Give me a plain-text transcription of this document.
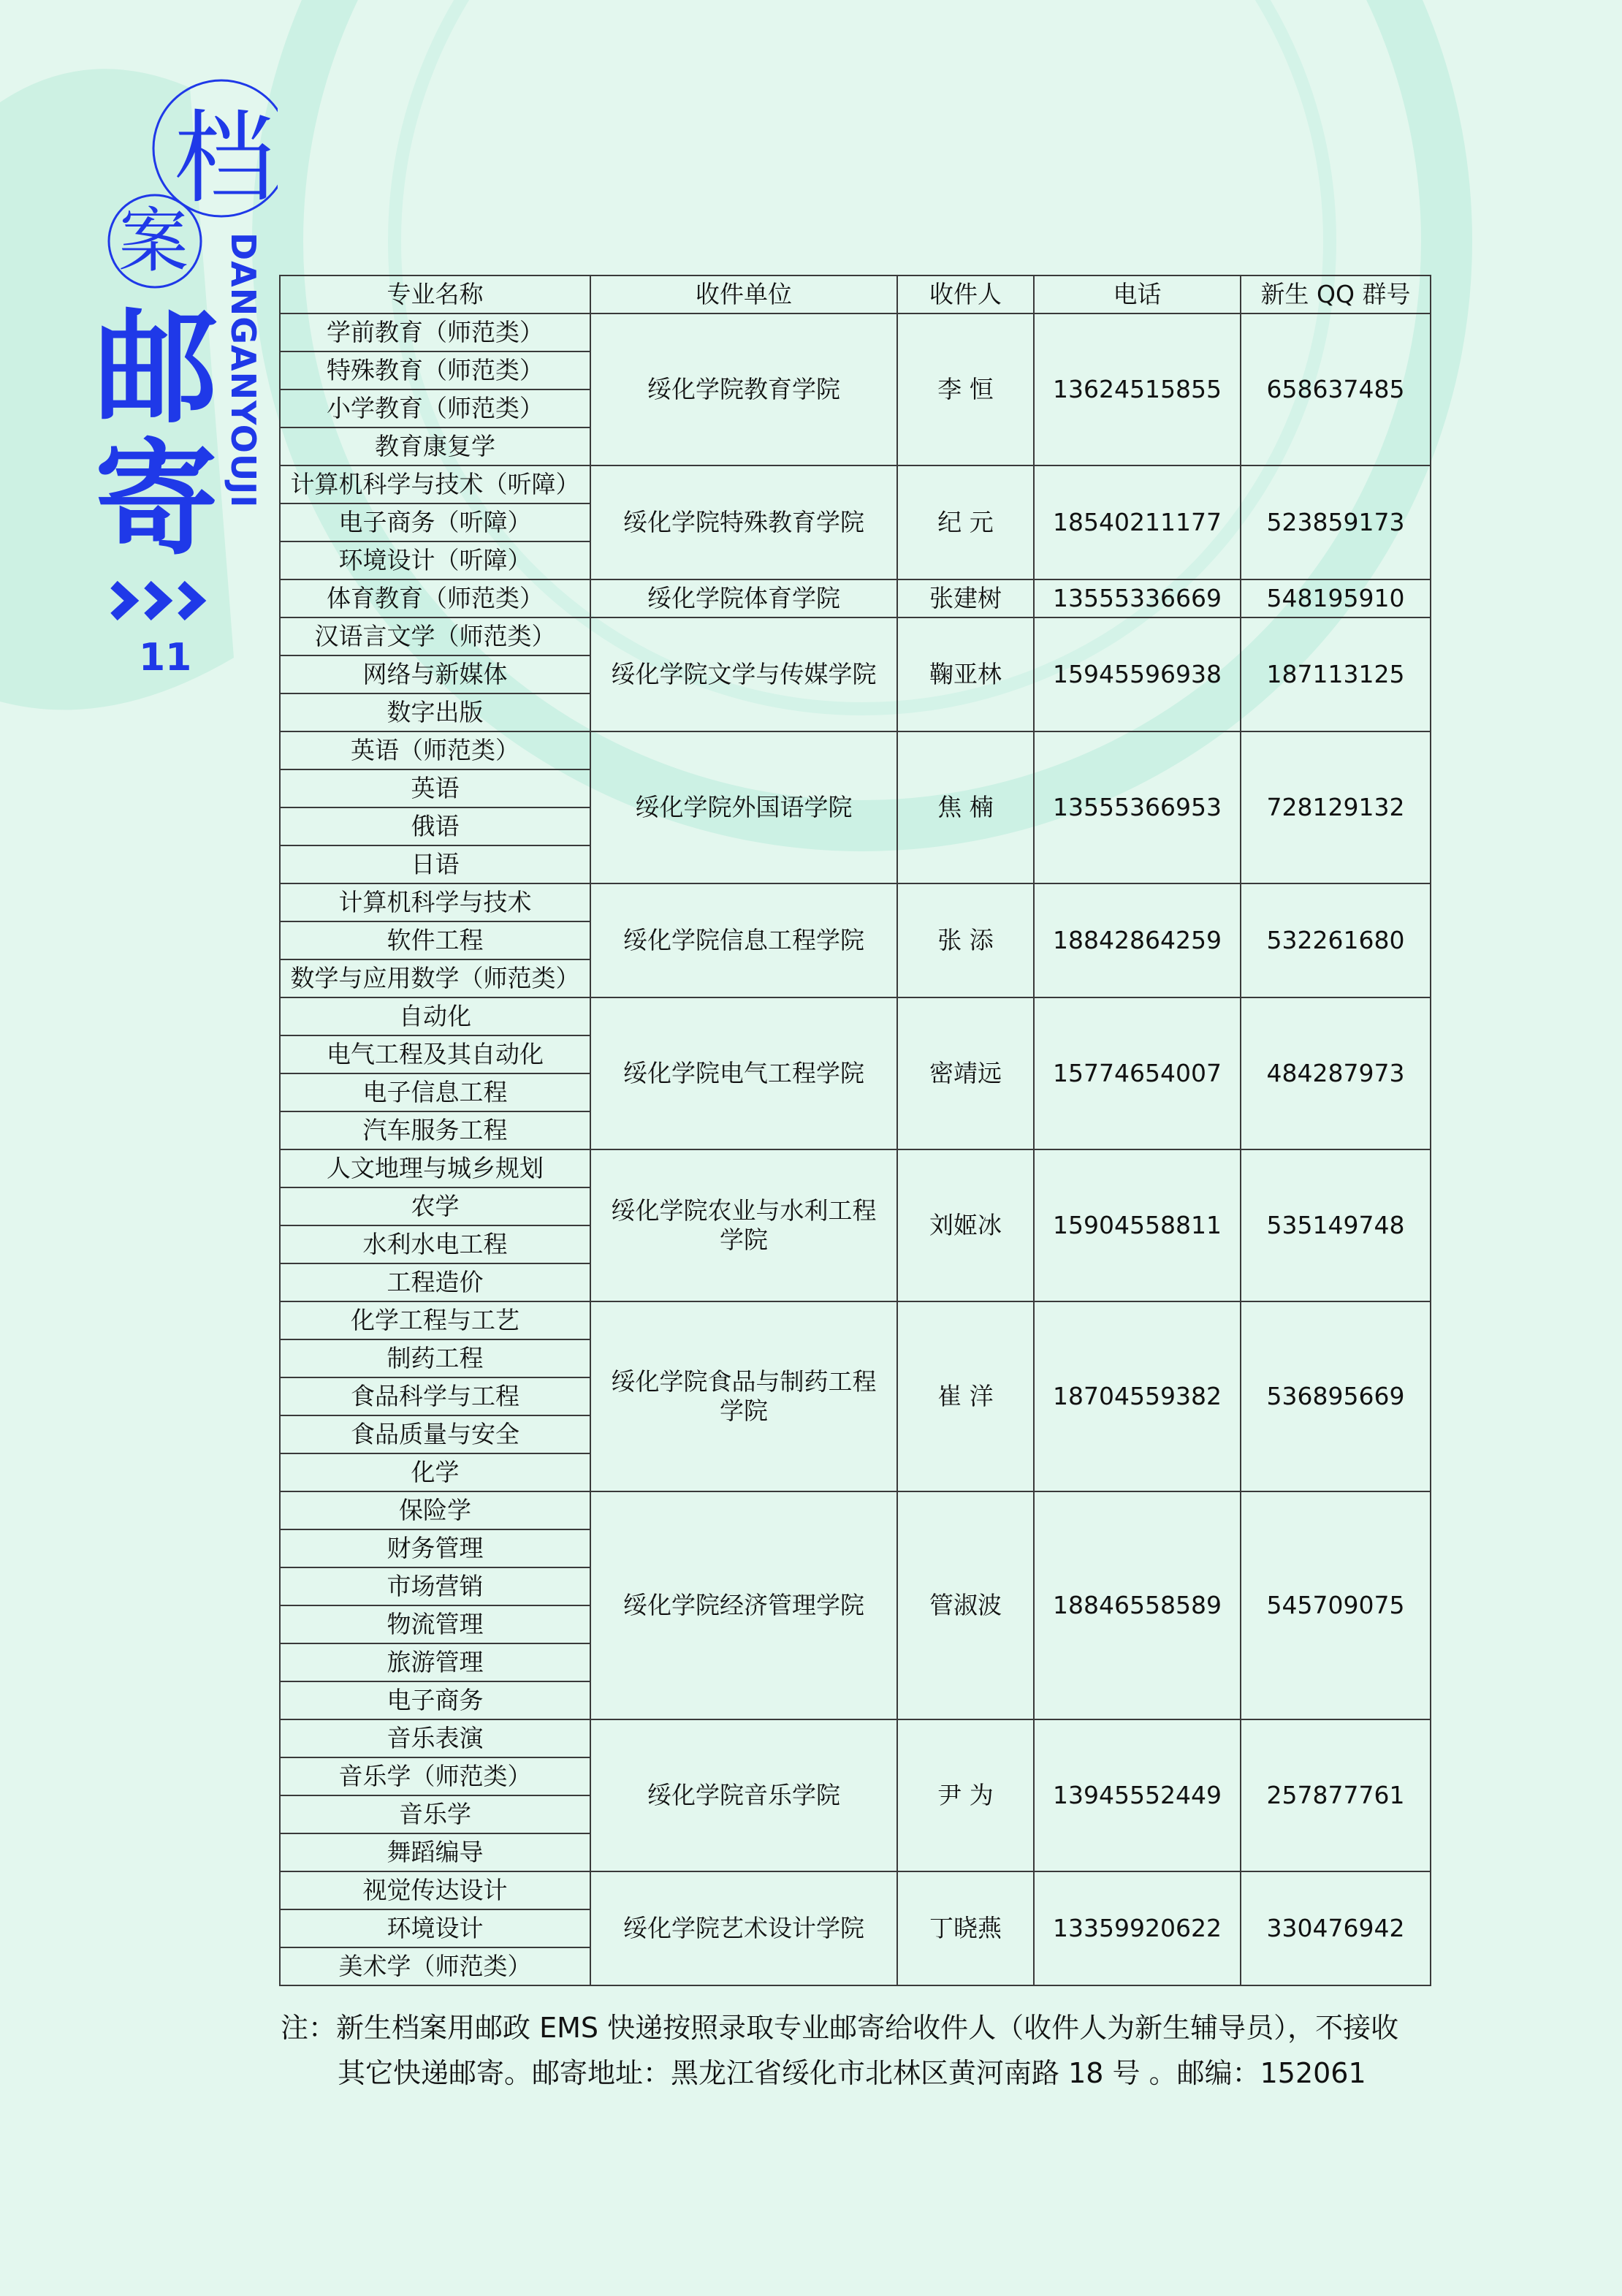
档
案
邮
寄 DANGANYOUJI
11
专业名称	收件单位	收件人	电话	新生 QQ 群号
学前教育（师范类）	绥化学院教育学院	李 恒	13624515855	658637485
特殊教育（师范类）				
小学教育（师范类）				
教育康复学				
计算机科学与技术（听障）	绥化学院特殊教育学院	纪 元	18540211177	523859173
电子商务（听障）				
环境设计（听障）				
体育教育（师范类）	绥化学院体育学院	张建树	13555336669	548195910
汉语言文学（师范类）	绥化学院文学与传媒学院	鞠亚林	15945596938	187113125
网络与新媒体				
数字出版				
英语（师范类）	绥化学院外国语学院	焦 楠	13555366953	728129132
英语				
俄语				
日语				
计算机科学与技术	绥化学院信息工程学院	张 添	18842864259	532261680
软件工程				
数学与应用数学（师范类）				
自动化	绥化学院电气工程学院	密靖远	15774654007	484287973
电气工程及其自动化				
电子信息工程				
汽车服务工程				
人文地理与城乡规划	绥化学院农业与水利工程学院	刘姬冰	15904558811	535149748
农学				
水利水电工程				
工程造价				
化学工程与工艺	绥化学院食品与制药工程学院	崔 洋	18704559382	536895669
制药工程				
食品科学与工程				
食品质量与安全				
化学				
保险学	绥化学院经济管理学院	管淑波	18846558589	545709075
财务管理				
市场营销				
物流管理				
旅游管理				
电子商务				
音乐表演	绥化学院音乐学院	尹 为	13945552449	257877761
音乐学（师范类）				
音乐学				
舞蹈编导				
视觉传达设计	绥化学院艺术设计学院	丁晓燕	13359920622	330476942
环境设计				
美术学（师范类）				
注：新生档案用邮政 EMS 快递按照录取专业邮寄给收件人（收件人为新生辅导员），不接收
其它快递邮寄。邮寄地址：黑龙江省绥化市北林区黄河南路 18 号 。邮编：152061
